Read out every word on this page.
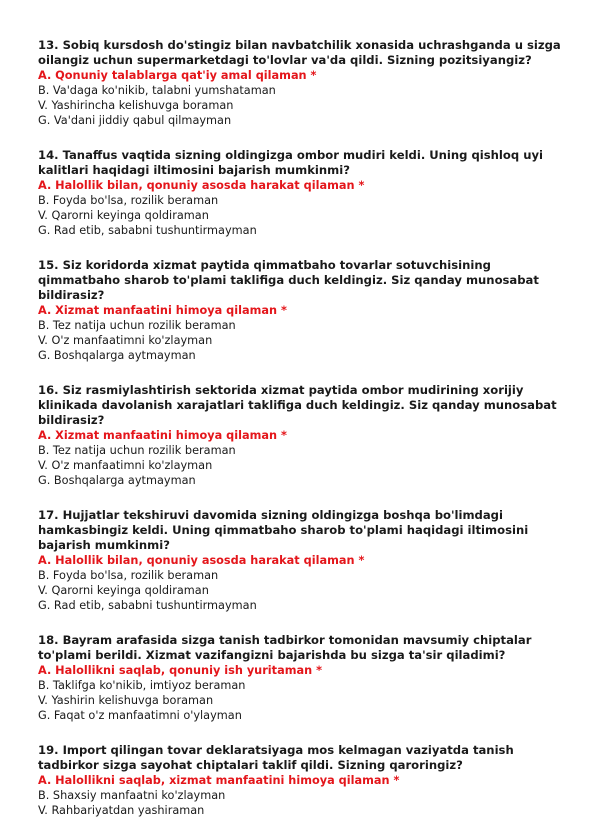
13. Sobiq kursdosh do'stingiz bilan navbatchilik xonasida uchrashganda u sizga oilangiz uchun supermarketdagi to'lovlar va'da qildi. Sizning pozitsiyangiz?

A. Qonuniy talablarga qat'iy amal qilaman *

B. Va'daga ko'nikib, talabni yumshataman

V. Yashirincha kelishuvga boraman

G. Va'dani jiddiy qabul qilmayman

14. Tanaffus vaqtida sizning oldingizga ombor mudiri keldi. Uning qishloq uyi kalitlari haqidagi iltimosini bajarish mumkinmi?

A. Halollik bilan, qonuniy asosda harakat qilaman *

B. Foyda bo'lsa, rozilik beraman

V. Qarorni keyinga qoldiraman

G. Rad etib, sababni tushuntirmayman

15. Siz koridorda xizmat paytida qimmatbaho tovarlar sotuvchisining qimmatbaho sharob to'plami taklifiga duch keldingiz. Siz qanday munosabat bildirasiz?

A. Xizmat manfaatini himoya qilaman *

B. Tez natija uchun rozilik beraman

V. O'z manfaatimni ko'zlayman

G. Boshqalarga aytmayman

16. Siz rasmiylashtirish sektorida xizmat paytida ombor mudirining xorijiy klinikada davolanish xarajatlari taklifiga duch keldingiz. Siz qanday munosabat bildirasiz?

A. Xizmat manfaatini himoya qilaman *

B. Tez natija uchun rozilik beraman

V. O'z manfaatimni ko'zlayman

G. Boshqalarga aytmayman

17. Hujjatlar tekshiruvi davomida sizning oldingizga boshqa bo'limdagi hamkasbingiz keldi. Uning qimmatbaho sharob to'plami haqidagi iltimosini bajarish mumkinmi?

A. Halollik bilan, qonuniy asosda harakat qilaman *

B. Foyda bo'lsa, rozilik beraman

V. Qarorni keyinga qoldiraman

G. Rad etib, sababni tushuntirmayman

18. Bayram arafasida sizga tanish tadbirkor tomonidan mavsumiy chiptalar to'plami berildi. Xizmat vazifangizni bajarishda bu sizga ta'sir qiladimi?

A. Halollikni saqlab, qonuniy ish yuritaman *

B. Taklifga ko'nikib, imtiyoz beraman

V. Yashirin kelishuvga boraman

G. Faqat o'z manfaatimni o'ylayman

19. Import qilingan tovar deklaratsiyaga mos kelmagan vaziyatda tanish tadbirkor sizga sayohat chiptalari taklif qildi. Sizning qaroringiz?

A. Halollikni saqlab, xizmat manfaatini himoya qilaman *

B. Shaxsiy manfaatni ko'zlayman

V. Rahbariyatdan yashiraman
